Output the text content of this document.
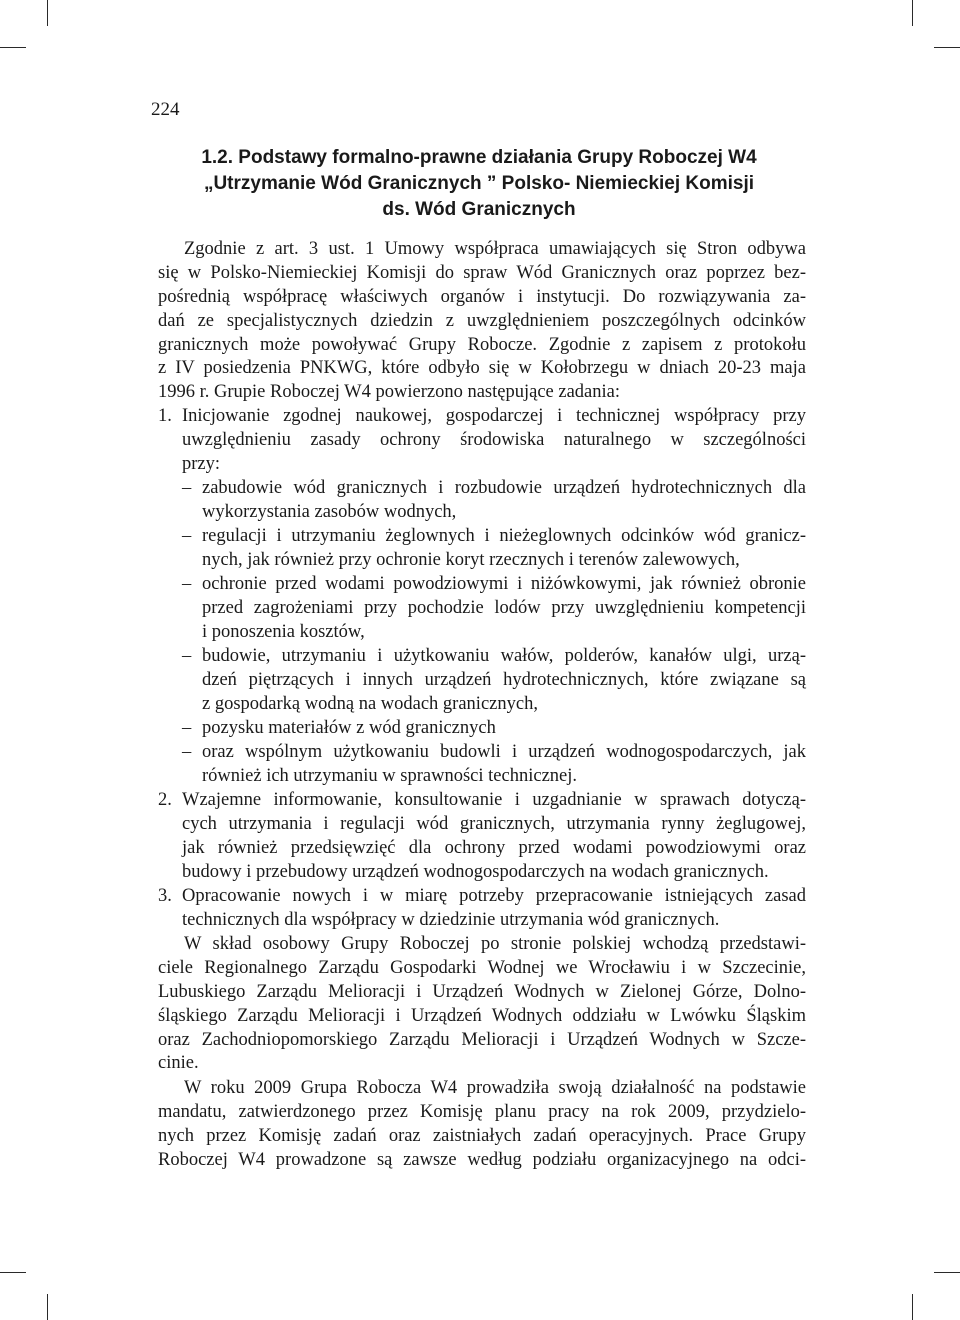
224
1.2. Podstawy formalno-prawne działania Grupy Roboczej W4
„Utrzymanie Wód Granicznych ” Polsko- Niemieckiej Komisji
ds. Wód Granicznych
Zgodnie z art. 3 ust. 1 Umowy współpraca umawiających się Stron odbywa
się w Polsko-Niemieckiej Komisji do spraw Wód Granicznych oraz poprzez bez-
pośrednią współpracę właściwych organów i instytucji. Do rozwiązywania za-
dań ze specjalistycznych dziedzin z uwzględnieniem poszczególnych odcinków
granicznych może powoływać Grupy Robocze. Zgodnie z zapisem z protokołu
z IV posiedzenia PNKWG, które odbyło się w Kołobrzegu w dniach 20-23 maja
1996 r. Grupie Roboczej W4 powierzono następujące zadania:
1. Inicjowanie zgodnej naukowej, gospodarczej i technicznej współpracy przy
uwzględnieniu zasady ochrony środowiska naturalnego w szczególności
przy:
– zabudowie wód granicznych i rozbudowie urządzeń hydrotechnicznych dla
wykorzystania zasobów wodnych,
– regulacji i utrzymaniu żeglownych i nieżeglownych odcinków wód granicz-
nych, jak również przy ochronie koryt rzecznych i terenów zalewowych,
– ochronie przed wodami powodziowymi i niżówkowymi, jak również obronie
przed zagrożeniami przy pochodzie lodów przy uwzględnieniu kompetencji
i ponoszenia kosztów,
– budowie, utrzymaniu i użytkowaniu wałów, polderów, kanałów ulgi, urzą-
dzeń piętrzących i innych urządzeń hydrotechnicznych, które związane są
z gospodarką wodną na wodach granicznych,
– pozysku materiałów z wód granicznych
– oraz wspólnym użytkowaniu budowli i urządzeń wodnogospodarczych, jak
również ich utrzymaniu w sprawności technicznej.
2. Wzajemne informowanie, konsultowanie i uzgadnianie w sprawach dotyczą-
cych utrzymania i regulacji wód granicznych, utrzymania rynny żeglugowej,
jak również przedsięwzięć dla ochrony przed wodami powodziowymi oraz
budowy i przebudowy urządzeń wodnogospodarczych na wodach granicznych.
3. Opracowanie nowych i w miarę potrzeby przepracowanie istniejących zasad
technicznych dla współpracy w dziedzinie utrzymania wód granicznych.
W skład osobowy Grupy Roboczej po stronie polskiej wchodzą przedstawi-
ciele Regionalnego Zarządu Gospodarki Wodnej we Wrocławiu i w Szczecinie,
Lubuskiego Zarządu Melioracji i Urządzeń Wodnych w Zielonej Górze, Dolno-
śląskiego Zarządu Melioracji i Urządzeń Wodnych oddziału w Lwówku Śląskim
oraz Zachodniopomorskiego Zarządu Melioracji i Urządzeń Wodnych w Szcze-
cinie.
W roku 2009 Grupa Robocza W4 prowadziła swoją działalność na podstawie
mandatu, zatwierdzonego przez Komisję planu pracy na rok 2009, przydzielo-
nych przez Komisję zadań oraz zaistniałych zadań operacyjnych. Prace Grupy
Roboczej W4 prowadzone są zawsze według podziału organizacyjnego na odci-
